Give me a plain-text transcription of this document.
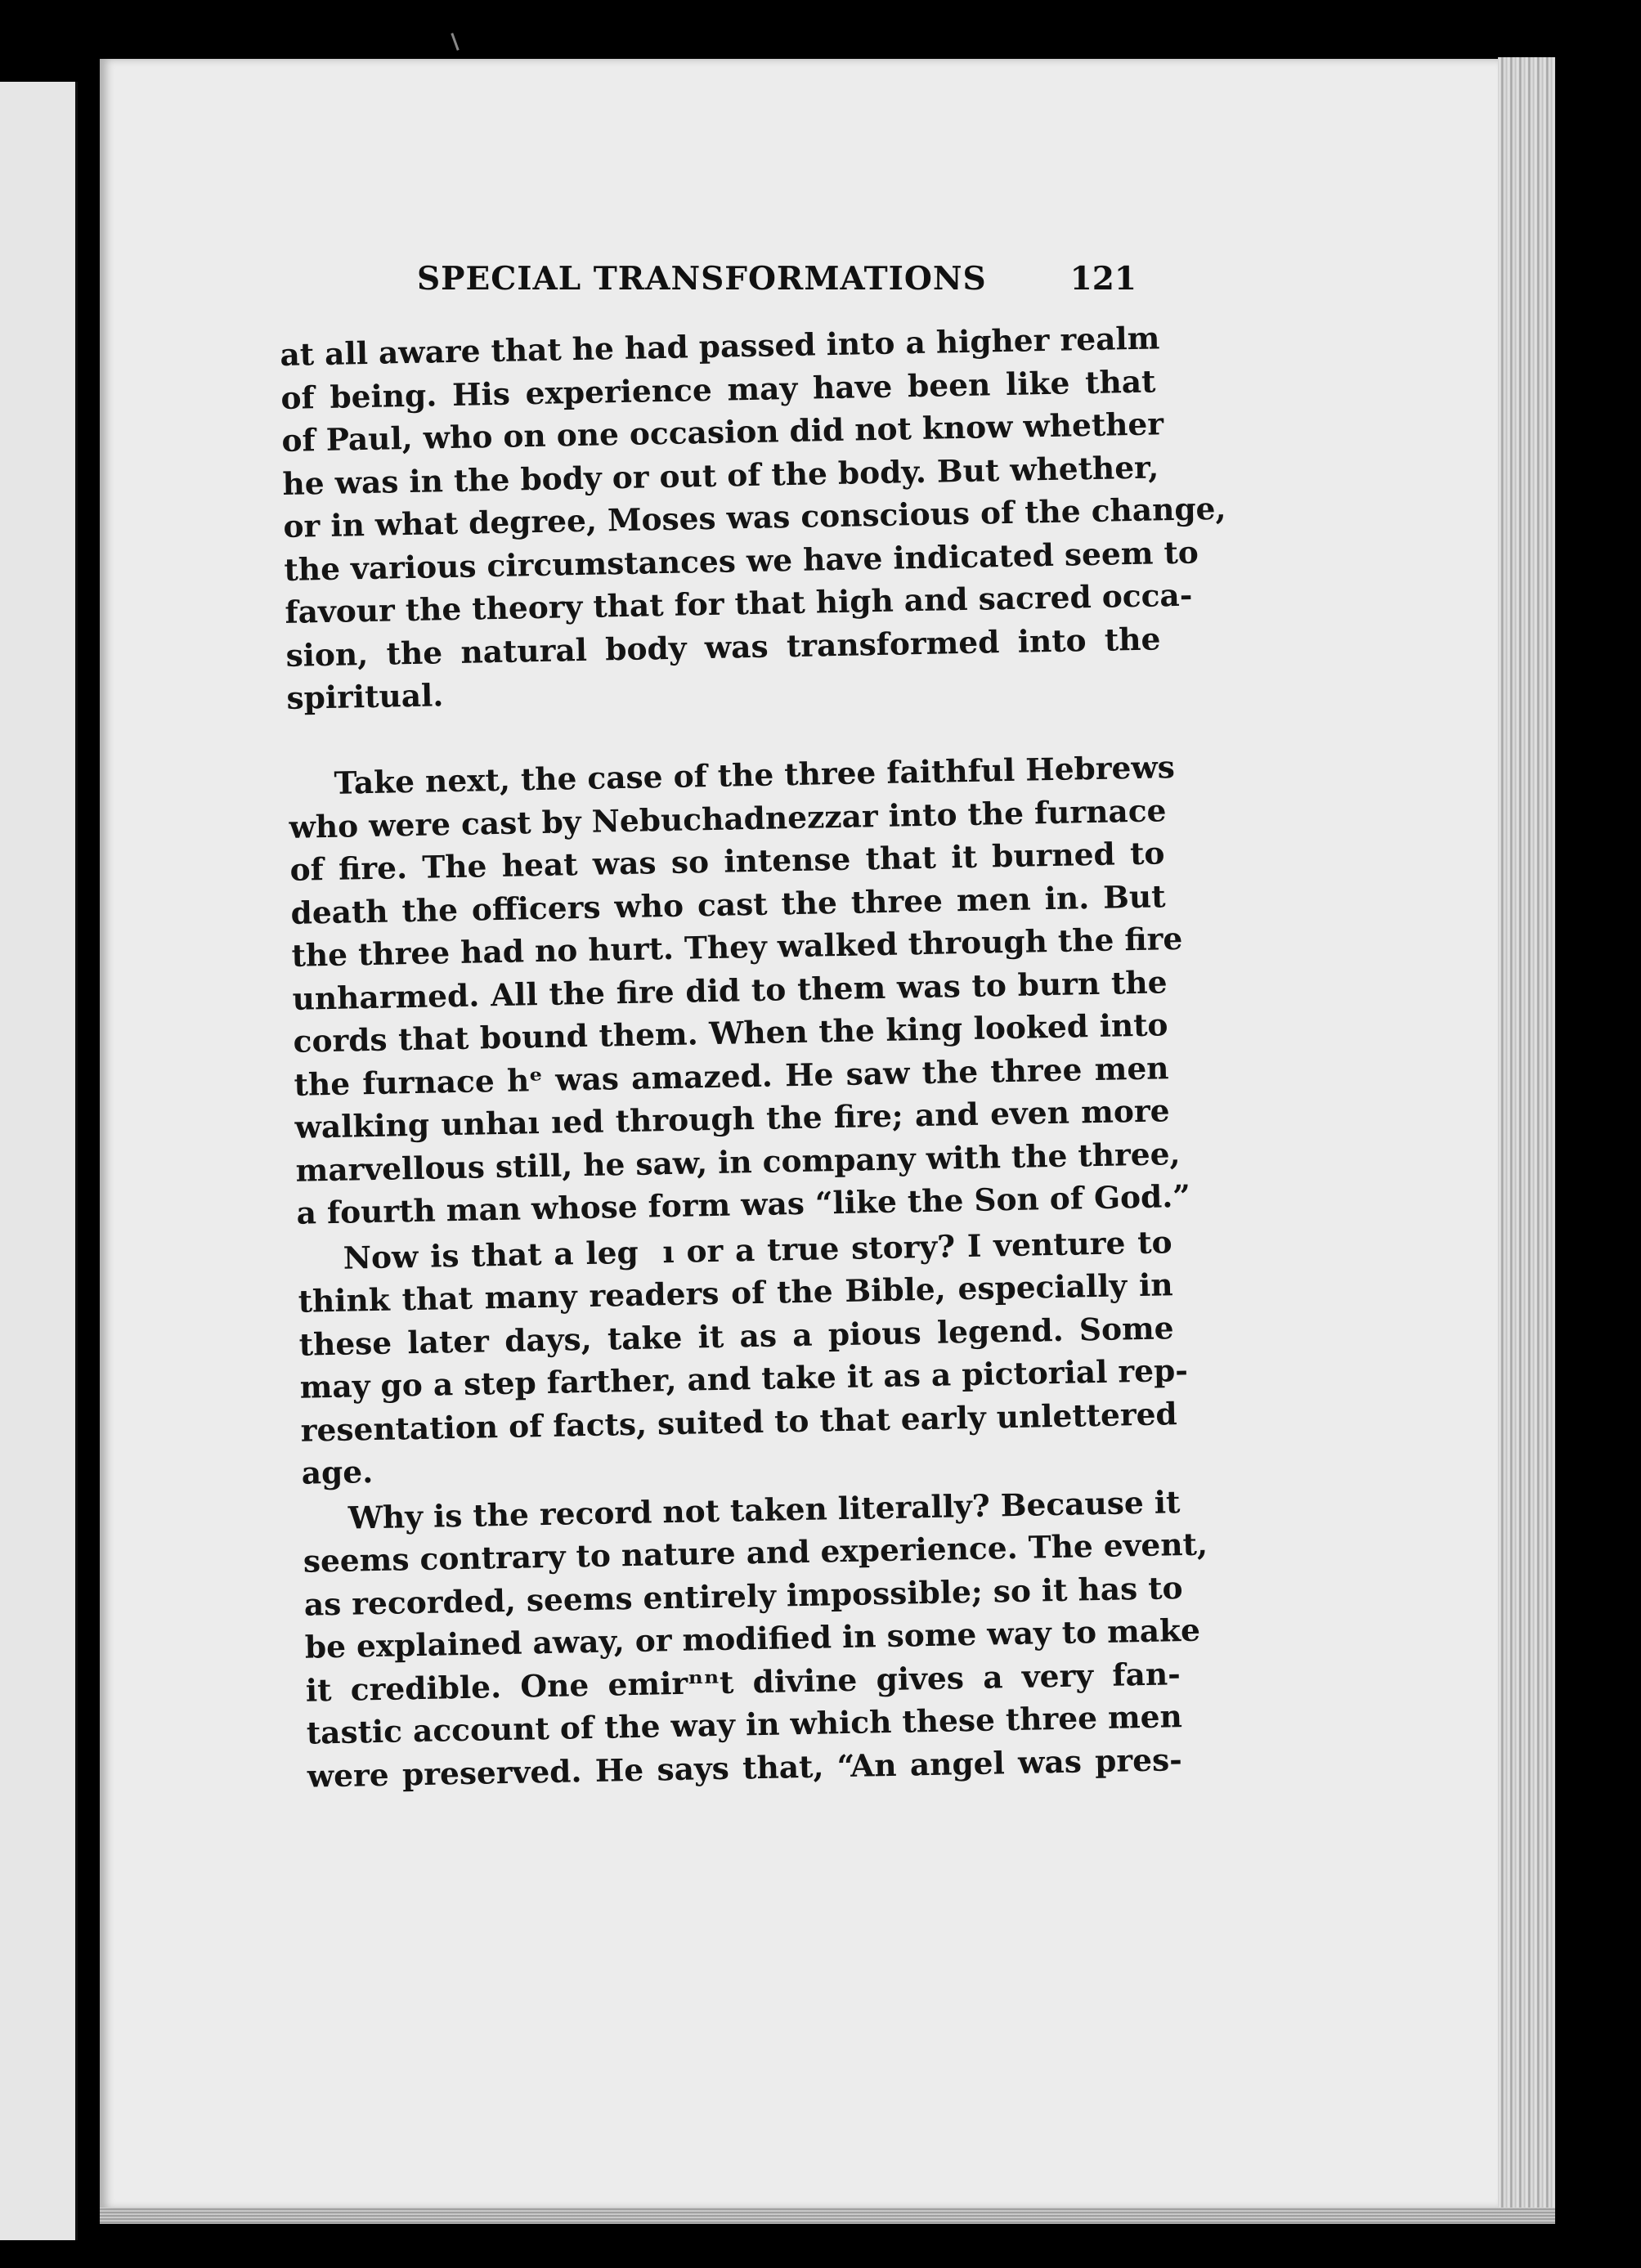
SPECIAL TRANSFORMATIONS	121
at all aware that he had passed into a higher realm
of being. His experience may have been like that
of Paul, who on one occasion did not know whether
he was in the body or out of the body. But whether,
or in what degree, Moses was conscious of the change,
the various circumstances we have indicated seem to
favour the theory that for that high and sacred occa-
sion, the natural body was transformed into the
spiritual.
Take next, the case of the three faithful Hebrews
who were cast by Nebuchadnezzar into the furnace
of fire. The heat was so intense that it burned to
death the officers who cast the three men in. But
the three had no hurt. They walked through the fire
unharmed. All the fire did to them was to burn the
cords that bound them. When the king looked into
the furnace hᵉ was amazed. He saw the three men
walking unhaı ıed through the fire; and even more
marvellous still, he saw, in company with the three,
a fourth man whose form was “like the Son of God.”
Now is that a leg  ı or a true story? I venture to
think that many readers of the Bible, especially in
these later days, take it as a pious legend. Some
may go a step farther, and take it as a pictorial rep-
resentation of facts, suited to that early unlettered
age.
Why is the record not taken literally? Because it
seems contrary to nature and experience. The event,
as recorded, seems entirely impossible; so it has to
be explained away, or modified in some way to make
it credible. One emirⁿⁿt divine gives a very fan-
tastic account of the way in which these three men
were preserved. He says that, “An angel was pres-
